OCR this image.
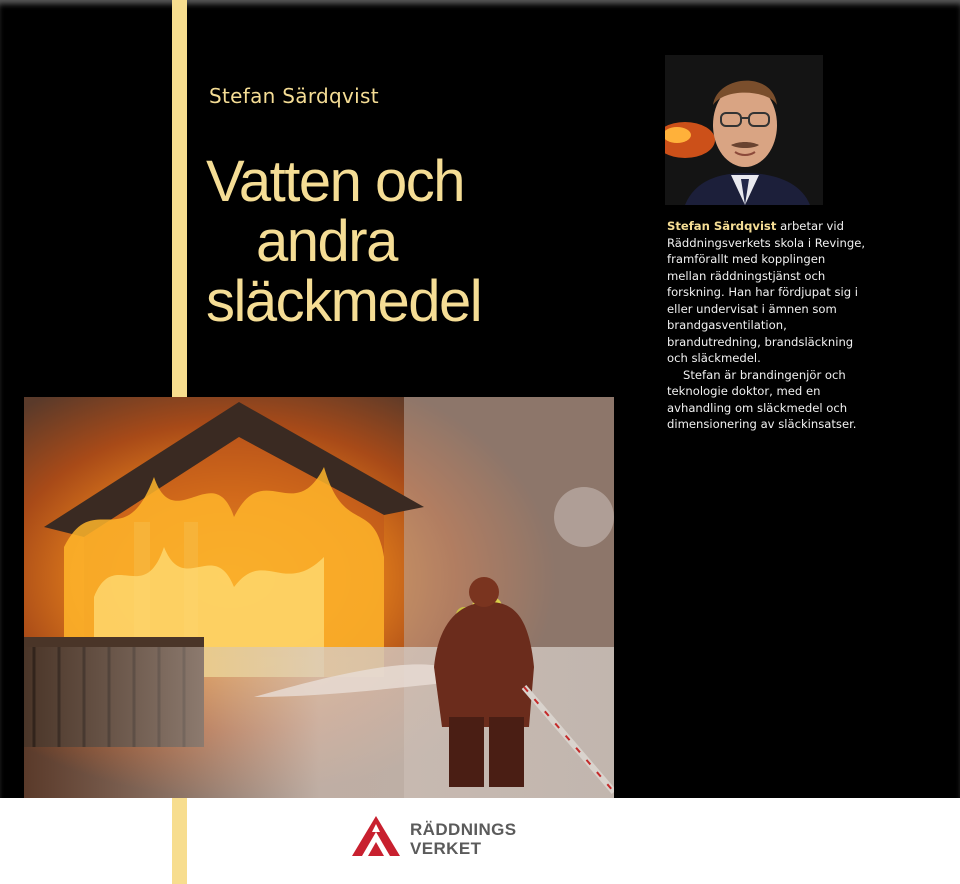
Stefan Särdqvist
Vatten och
andra
släckmedel

Stefan Särdqvist arbetar vid Räddningsverkets skola i Revinge, framförallt med kopplingen mellan räddningstjänst och forskning. Han har fördjupat sig i eller undervisat i ämnen som brandgasventilation, brandutredning, brandsläckning och släckmedel.

Stefan är brandingenjör och teknologie doktor, med en avhandling om släckmedel och dimensionering av släckinsatser.

RÄDDNINGS
VERKET
